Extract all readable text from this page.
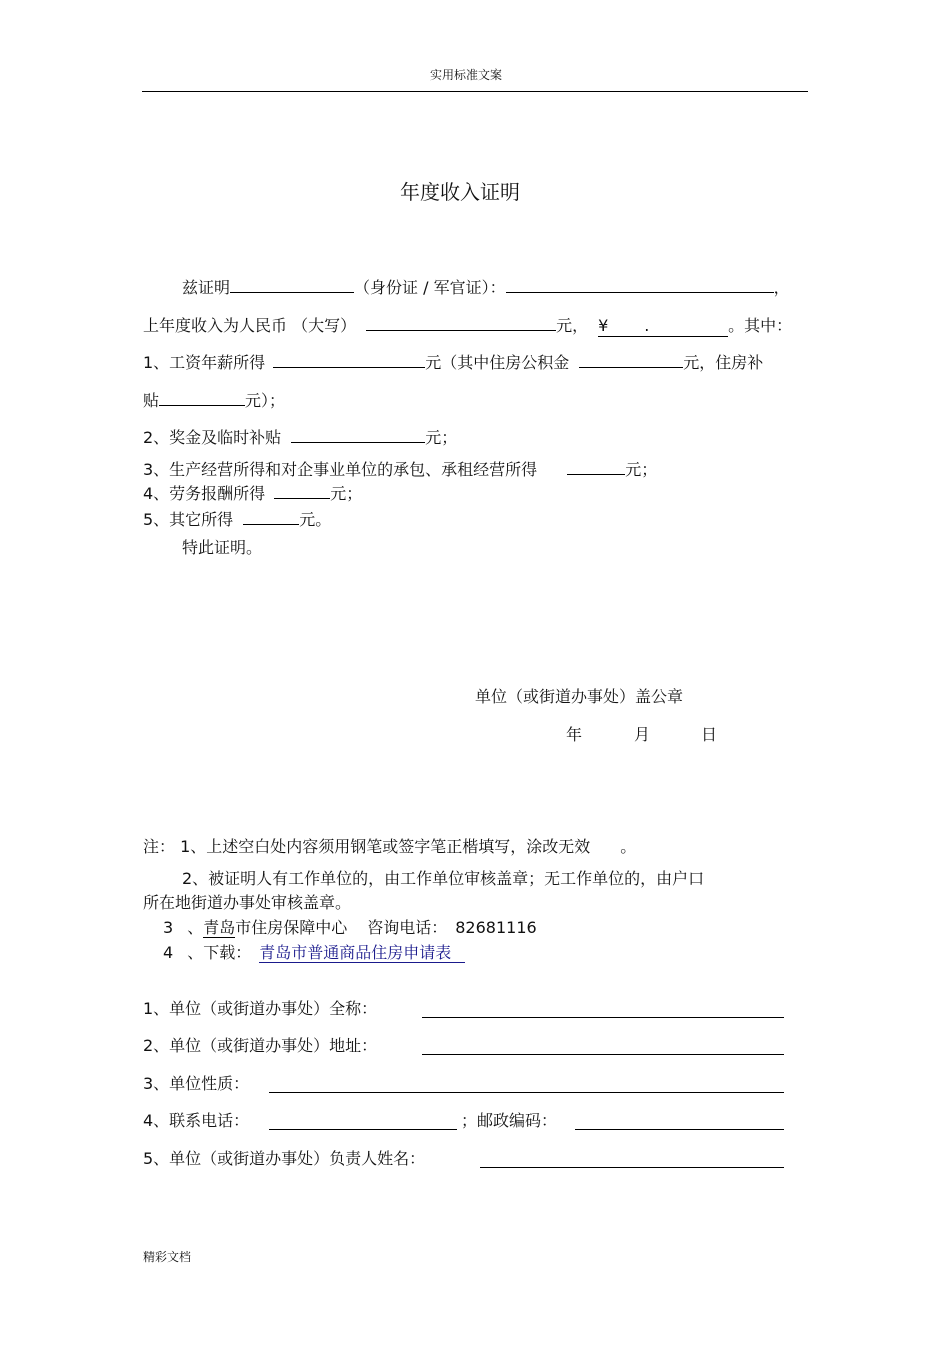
实用标准文案
年度收入证明
兹证明	（身份证 / 军官证）：	，
上年度收入为人民币 （大写）	元， ¥ .	。其中：
1、工资年薪所得	元（其中住房公积金	元，住房补
贴	元）；
2、奖金及临时补贴	元；
3、生产经营所得和对企事业单位的承包、承租经营所得	元；
4、劳务报酬所得	元；
5、其它所得	元。
特此证明。
单位（或街道办事处）盖公章
年	月	日
注： 1、上述空白处内容须用钢笔或签字笔正楷填写，涂改无效 。
2、被证明人有工作单位的，由工作单位审核盖章；无工作单位的，由户口
所在地街道办事处审核盖章。
3 、青岛市住房保障中心 咨询电话： 82681116
4 、下载： 青岛市普通商品住房申请表
1、单位（或街道办事处）全称：
2、单位（或街道办事处）地址：
3、单位性质：
4、联系电话：	；邮政编码：
5、单位（或街道办事处）负责人姓名：
精彩文档
